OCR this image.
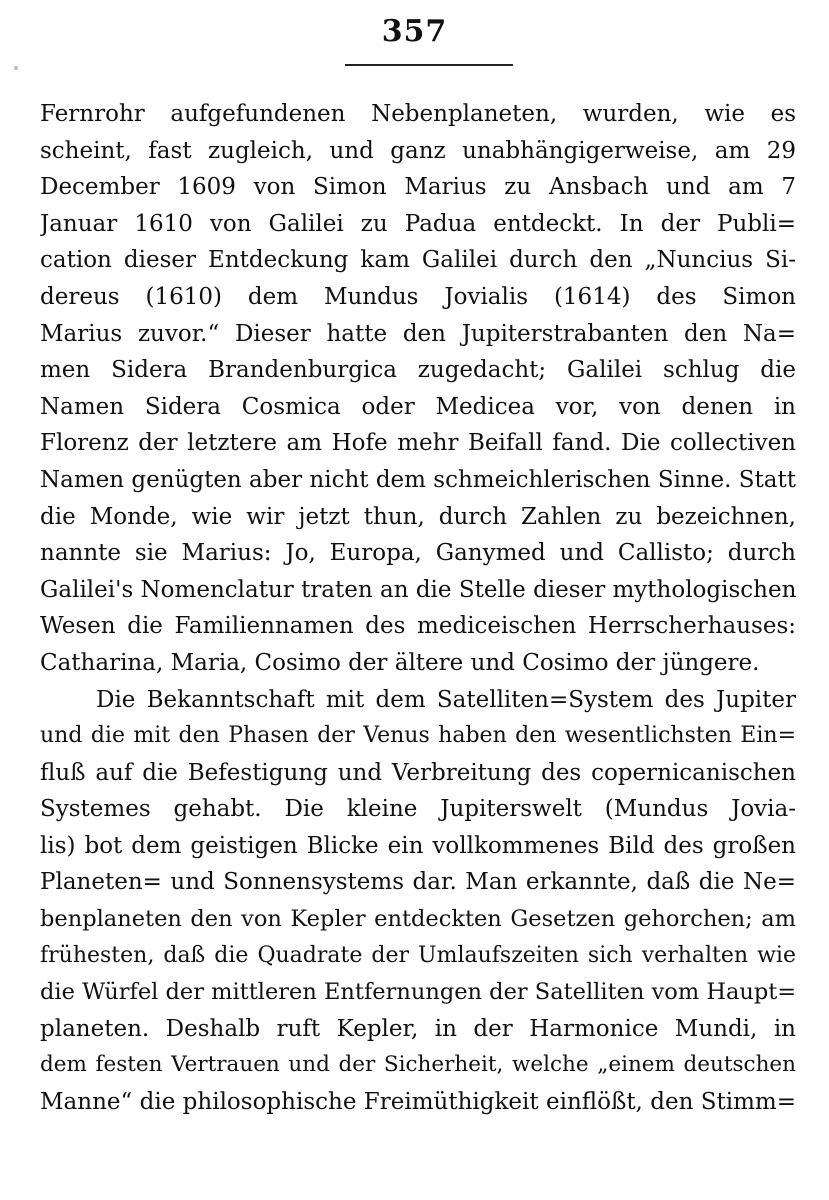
357
Fernrohr aufgefundenen Nebenplaneten, wurden, wie es
scheint, fast zugleich, und ganz unabhängigerweise, am 29
December 1609 von Simon Marius zu Ansbach und am 7
Januar 1610 von Galilei zu Padua entdeckt. In der Publi=
cation dieser Entdeckung kam Galilei durch den „Nuncius Si-
dereus (1610) dem Mundus Jovialis (1614) des Simon
Marius zuvor.“ Dieser hatte den Jupiterstrabanten den Na=
men Sidera Brandenburgica zugedacht; Galilei schlug die
Namen Sidera Cosmica oder Medicea vor, von denen in
Florenz der letztere am Hofe mehr Beifall fand. Die collectiven
Namen genügten aber nicht dem schmeichlerischen Sinne. Statt
die Monde, wie wir jetzt thun, durch Zahlen zu bezeichnen,
nannte sie Marius: Jo, Europa, Ganymed und Callisto; durch
Galilei's Nomenclatur traten an die Stelle dieser mythologischen
Wesen die Familiennamen des mediceischen Herrscherhauses:
Catharina, Maria, Cosimo der ältere und Cosimo der jüngere.
Die Bekanntschaft mit dem Satelliten=System des Jupiter
und die mit den Phasen der Venus haben den wesentlichsten Ein=
fluß auf die Befestigung und Verbreitung des copernicanischen
Systemes gehabt. Die kleine Jupiterswelt (Mundus Jovia-
lis) bot dem geistigen Blicke ein vollkommenes Bild des großen
Planeten= und Sonnensystems dar. Man erkannte, daß die Ne=
benplaneten den von Kepler entdeckten Gesetzen gehorchen; am
frühesten, daß die Quadrate der Umlaufszeiten sich verhalten wie
die Würfel der mittleren Entfernungen der Satelliten vom Haupt=
planeten. Deshalb ruft Kepler, in der Harmonice Mundi, in
dem festen Vertrauen und der Sicherheit, welche „einem deutschen
Manne“ die philosophische Freimüthigkeit einflößt, den Stimm=
